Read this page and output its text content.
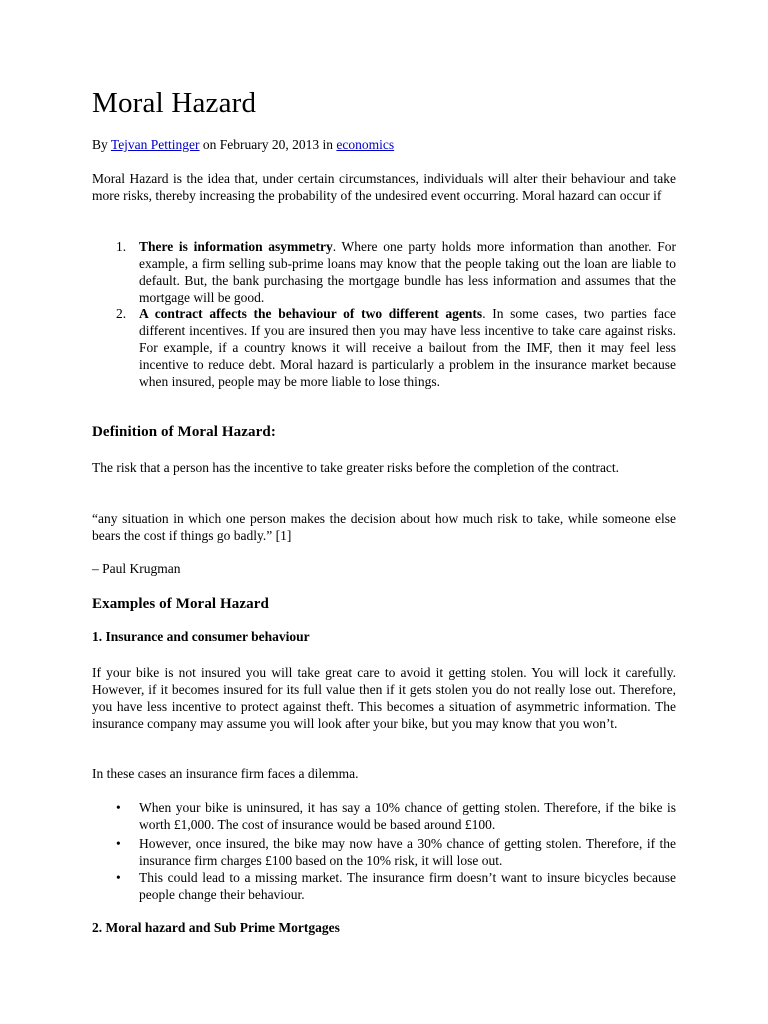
Moral Hazard
By Tejvan Pettinger on February 20, 2013 in economics

Moral Hazard is the idea that, under certain circumstances, individuals will alter their behaviour and take more risks, thereby increasing the probability of the undesired event occurring. Moral hazard can occur if

1. There is information asymmetry. Where one party holds more information than another. For example, a firm selling sub-prime loans may know that the people taking out the loan are liable to default. But, the bank purchasing the mortgage bundle has less information and assumes that the mortgage will be good.

2. A contract affects the behaviour of two different agents. In some cases, two parties face different incentives. If you are insured then you may have less incentive to take care against risks. For example, if a country knows it will receive a bailout from the IMF, then it may feel less incentive to reduce debt. Moral hazard is particularly a problem in the insurance market because when insured, people may be more liable to lose things.

Definition of Moral Hazard:

The risk that a person has the incentive to take greater risks before the completion of the contract.

“any situation in which one person makes the decision about how much risk to take, while someone else bears the cost if things go badly.” [1]

– Paul Krugman

Examples of Moral Hazard
1. Insurance and consumer behaviour

If your bike is not insured you will take great care to avoid it getting stolen. You will lock it carefully. However, if it becomes insured for its full value then if it gets stolen you do not really lose out. Therefore, you have less incentive to protect against theft. This becomes a situation of asymmetric information. The insurance company may assume you will look after your bike, but you may know that you won’t.

In these cases an insurance firm faces a dilemma.

• When your bike is uninsured, it has say a 10% chance of getting stolen. Therefore, if the bike is worth £1,000. The cost of insurance would be based around £100.

• However, once insured, the bike may now have a 30% chance of getting stolen. Therefore, if the insurance firm charges £100 based on the 10% risk, it will lose out.

• This could lead to a missing market. The insurance firm doesn’t want to insure bicycles because people change their behaviour.

2. Moral hazard and Sub Prime Mortgages
